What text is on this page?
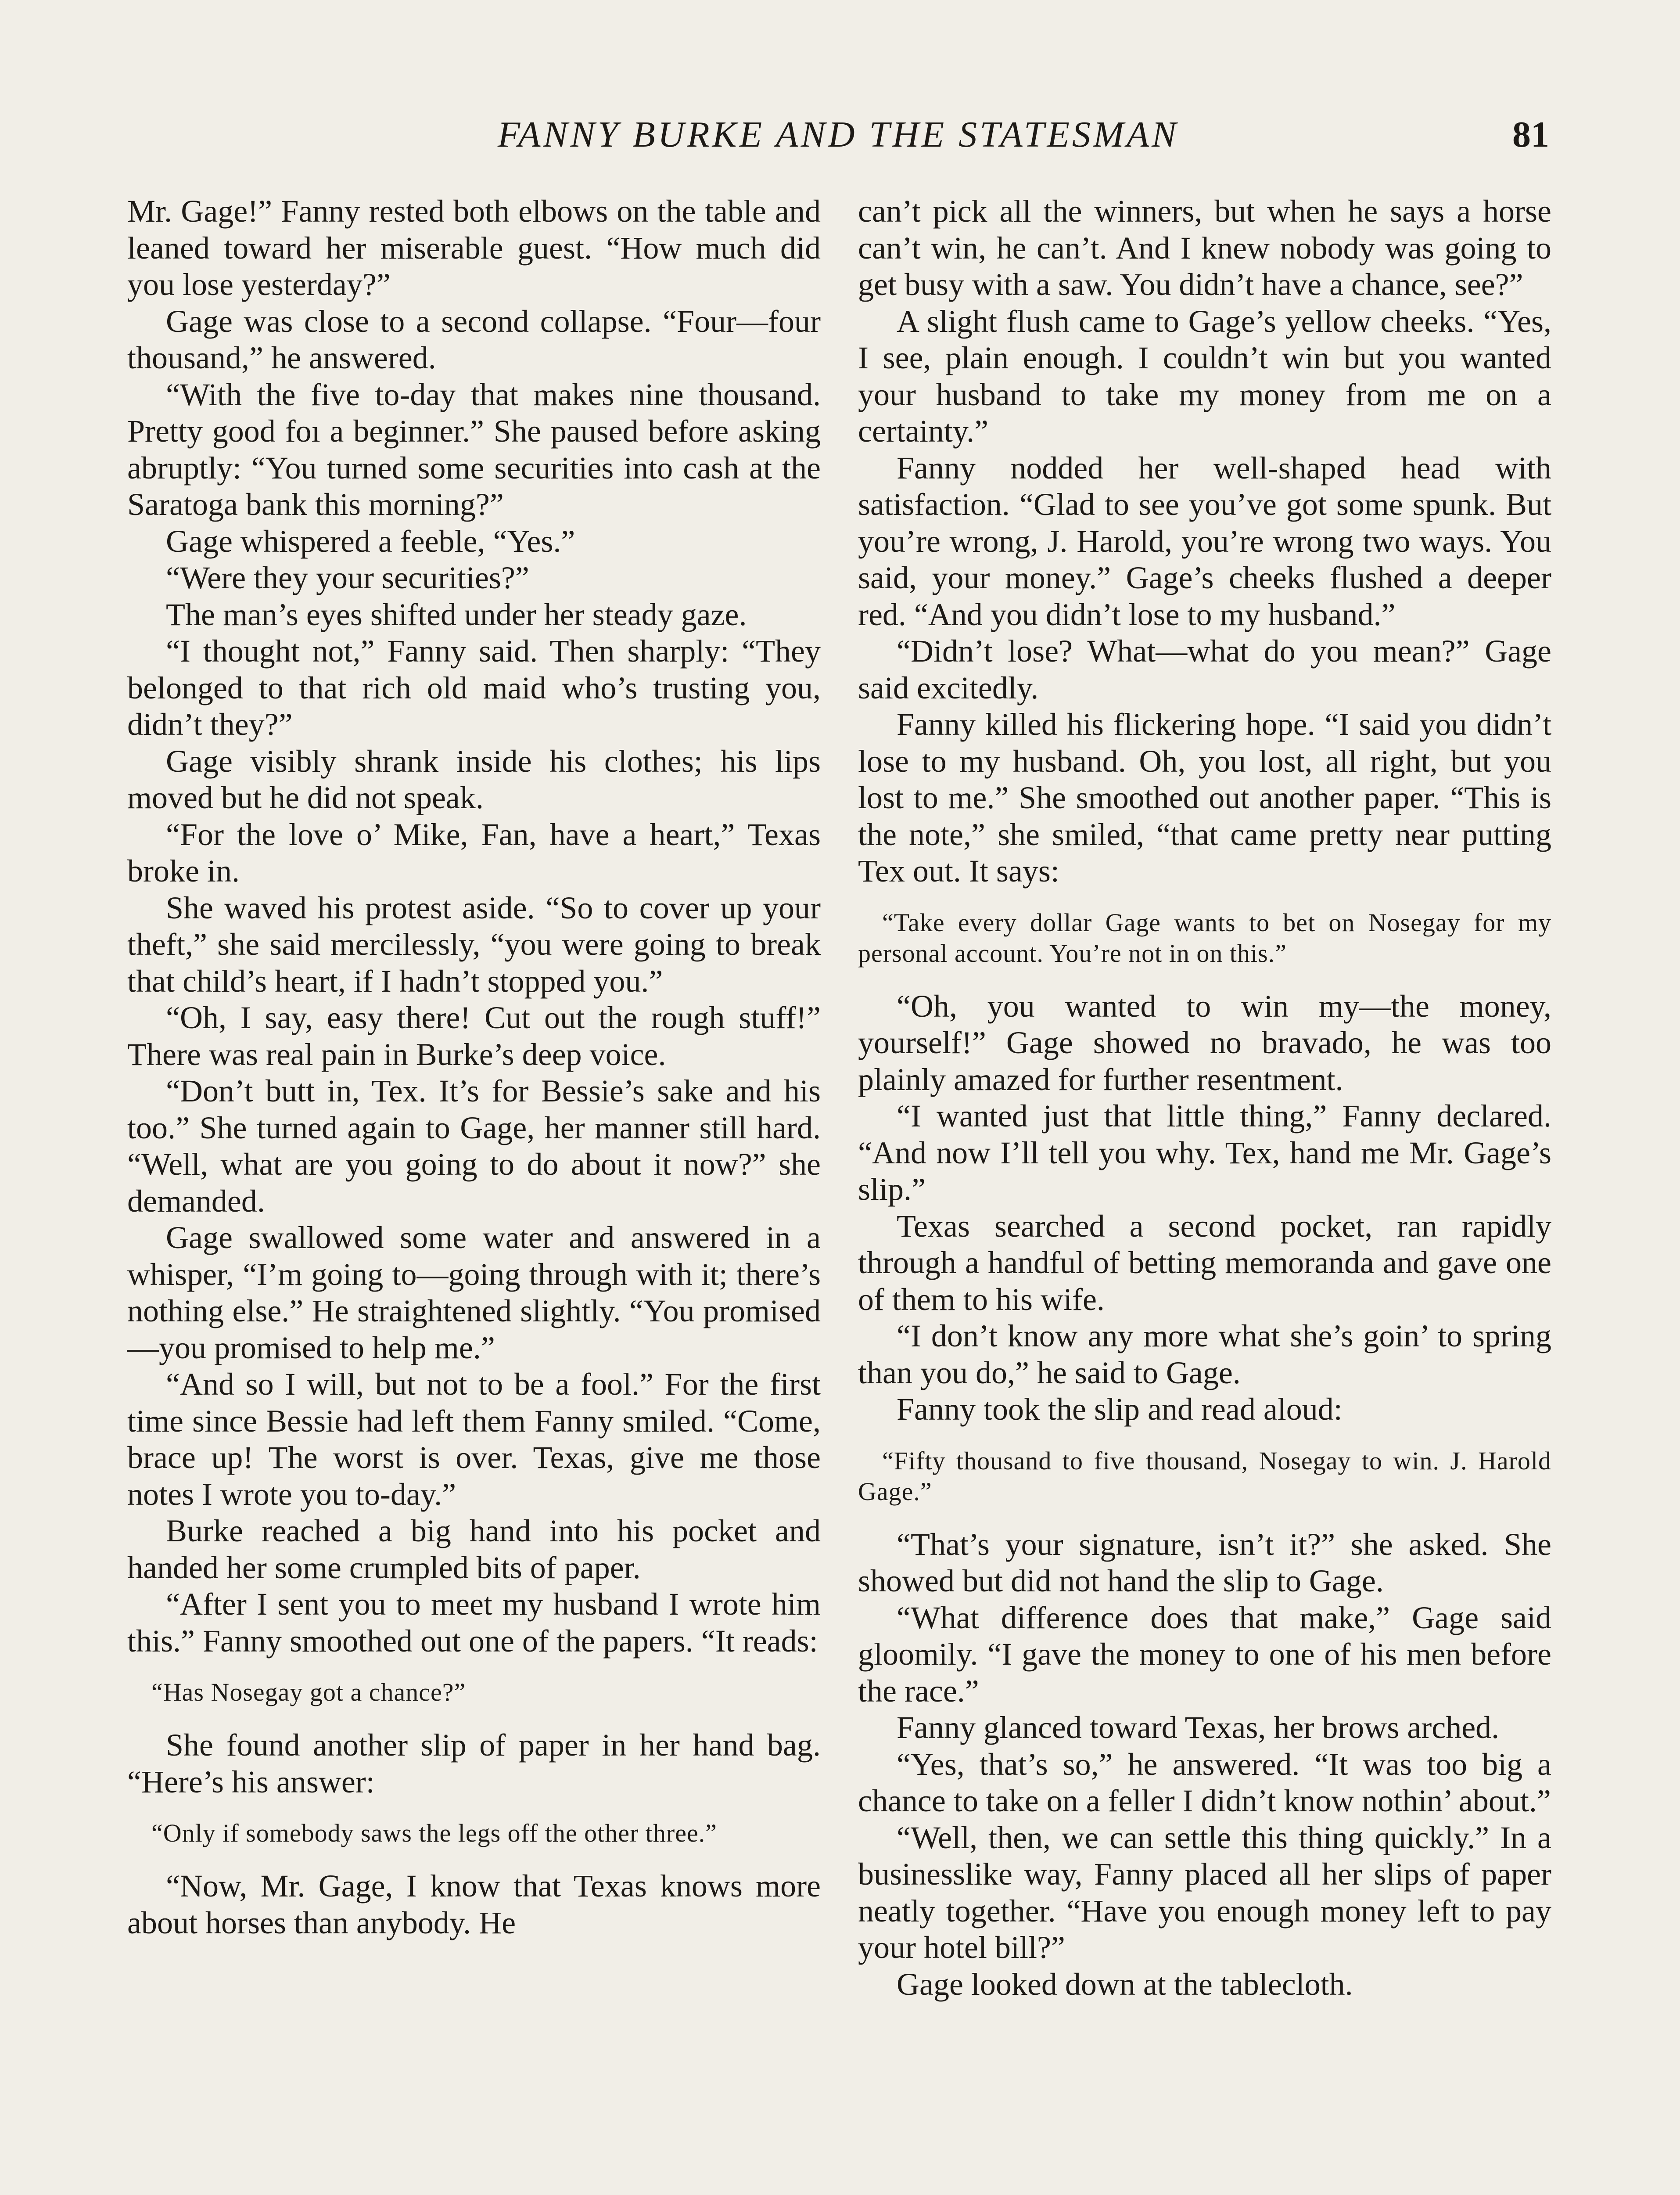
FANNY BURKE AND THE STATESMAN	81

Mr. Gage!” Fanny rested both elbows on the table and leaned toward her miserable guest. “How much did you lose yesterday?”

Gage was close to a second collapse. “Four—four thousand,” he answered.

“With the five to-day that makes nine thousand. Pretty good foı a beginner.” She paused before asking abruptly: “You turned some securities into cash at the Saratoga bank this morning?”

Gage whispered a feeble, “Yes.”

“Were they your securities?”

The man’s eyes shifted under her steady gaze.

“I thought not,” Fanny said. Then sharply: “They belonged to that rich old maid who’s trusting you, didn’t they?”

Gage visibly shrank inside his clothes; his lips moved but he did not speak.

“For the love o’ Mike, Fan, have a heart,” Texas broke in.

She waved his protest aside. “So to cover up your theft,” she said mercilessly, “you were going to break that child’s heart, if I hadn’t stopped you.”

“Oh, I say, easy there! Cut out the rough stuff!” There was real pain in Burke’s deep voice.

“Don’t butt in, Tex. It’s for Bessie’s sake and his too.” She turned again to Gage, her manner still hard. “Well, what are you going to do about it now?” she demanded.

Gage swallowed some water and answered in a whisper, “I’m going to—going through with it; there’s nothing else.” He straightened slightly. “You promised—you promised to help me.”

“And so I will, but not to be a fool.” For the first time since Bessie had left them Fanny smiled. “Come, brace up! The worst is over. Texas, give me those notes I wrote you to-day.”

Burke reached a big hand into his pocket and handed her some crumpled bits of paper.

“After I sent you to meet my husband I wrote him this.” Fanny smoothed out one of the papers. “It reads:

“Has Nosegay got a chance?”

She found another slip of paper in her hand bag. “Here’s his answer:

“Only if somebody saws the legs off the other three.”

“Now, Mr. Gage, I know that Texas knows more about horses than anybody. He

can’t pick all the winners, but when he says a horse can’t win, he can’t. And I knew nobody was going to get busy with a saw. You didn’t have a chance, see?”

A slight flush came to Gage’s yellow cheeks. “Yes, I see, plain enough. I couldn’t win but you wanted your husband to take my money from me on a certainty.”

Fanny nodded her well-shaped head with satisfaction. “Glad to see you’ve got some spunk. But you’re wrong, J. Harold, you’re wrong two ways. You said, your money.” Gage’s cheeks flushed a deeper red. “And you didn’t lose to my husband.”

“Didn’t lose? What—what do you mean?” Gage said excitedly.

Fanny killed his flickering hope. “I said you didn’t lose to my husband. Oh, you lost, all right, but you lost to me.” She smoothed out another paper. “This is the note,” she smiled, “that came pretty near putting Tex out. It says:

“Take every dollar Gage wants to bet on Nosegay for my personal account. You’re not in on this.”

“Oh, you wanted to win my—the money, yourself!” Gage showed no bravado, he was too plainly amazed for further resentment.

“I wanted just that little thing,” Fanny declared. “And now I’ll tell you why. Tex, hand me Mr. Gage’s slip.”

Texas searched a second pocket, ran rapidly through a handful of betting memoranda and gave one of them to his wife.

“I don’t know any more what she’s goin’ to spring than you do,” he said to Gage.

Fanny took the slip and read aloud:

“Fifty thousand to five thousand, Nosegay to win. J. Harold Gage.”

“That’s your signature, isn’t it?” she asked. She showed but did not hand the slip to Gage.

“What difference does that make,” Gage said gloomily. “I gave the money to one of his men before the race.”

Fanny glanced toward Texas, her brows arched.

“Yes, that’s so,” he answered. “It was too big a chance to take on a feller I didn’t know nothin’ about.”

“Well, then, we can settle this thing quickly.” In a businesslike way, Fanny placed all her slips of paper neatly together. “Have you enough money left to pay your hotel bill?”

Gage looked down at the tablecloth.
